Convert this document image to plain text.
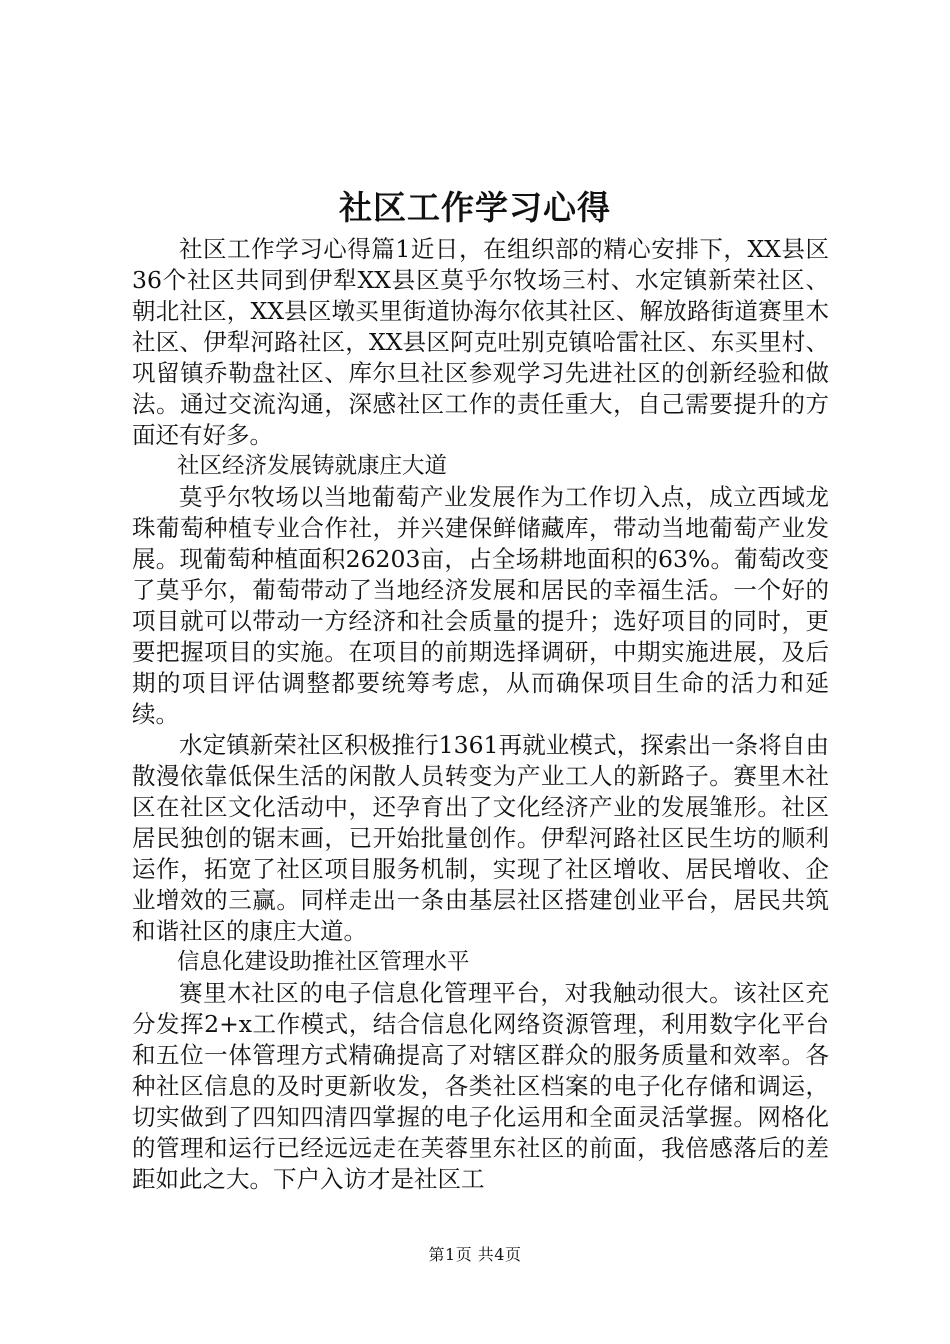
社区工作学习心得

社区工作学习心得篇1近日，在组织部的精心安排下，XX县区36个社区共同到伊犁XX县区莫乎尔牧场三村、水定镇新荣社区、朝北社区，XX县区墩买里街道协海尔依其社区、解放路街道赛里木社区、伊犁河路社区，XX县区阿克吐别克镇哈雷社区、东买里村、巩留镇乔勒盘社区、库尔旦社区参观学习先进社区的创新经验和做法。通过交流沟通，深感社区工作的责任重大，自己需要提升的方面还有好多。

社区经济发展铸就康庄大道

莫乎尔牧场以当地葡萄产业发展作为工作切入点，成立西域龙珠葡萄种植专业合作社，并兴建保鲜储藏库，带动当地葡萄产业发展。现葡萄种植面积26203亩，占全场耕地面积的63%。葡萄改变了莫乎尔，葡萄带动了当地经济发展和居民的幸福生活。一个好的项目就可以带动一方经济和社会质量的提升；选好项目的同时，更要把握项目的实施。在项目的前期选择调研，中期实施进展，及后期的项目评估调整都要统筹考虑，从而确保项目生命的活力和延续。

水定镇新荣社区积极推行1361再就业模式，探索出一条将自由散漫依靠低保生活的闲散人员转变为产业工人的新路子。赛里木社区在社区文化活动中，还孕育出了文化经济产业的发展雏形。社区居民独创的锯末画，已开始批量创作。伊犁河路社区民生坊的顺利运作，拓宽了社区项目服务机制，实现了社区增收、居民增收、企业增效的三赢。同样走出一条由基层社区搭建创业平台，居民共筑和谐社区的康庄大道。

信息化建设助推社区管理水平

赛里木社区的电子信息化管理平台，对我触动很大。该社区充分发挥2+x工作模式，结合信息化网络资源管理，利用数字化平台和五位一体管理方式精确提高了对辖区群众的服务质量和效率。各种社区信息的及时更新收发，各类社区档案的电子化存储和调运，切实做到了四知四清四掌握的电子化运用和全面灵活掌握。网格化的管理和运行已经远远走在芙蓉里东社区的前面，我倍感落后的差距如此之大。下户入访才是社区工

第1页 共4页
